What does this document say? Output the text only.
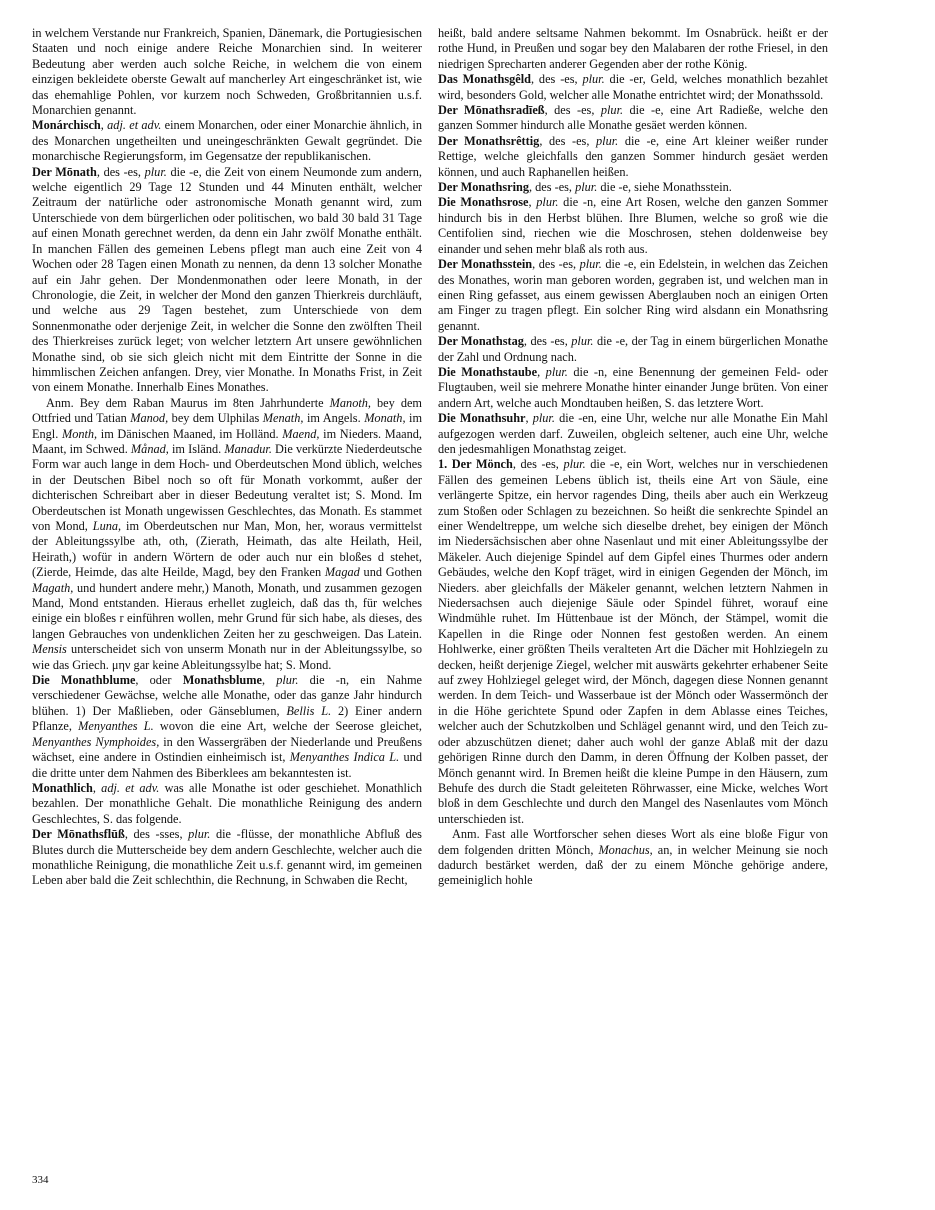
in welchem Verstande nur Frankreich, Spanien, Dänemark, die Portugiesischen Staaten und noch einige andere Reiche Monarchien sind. In weiterer Bedeutung aber werden auch solche Reiche, in welchem die von einem einzigen bekleidete oberste Gewalt auf mancherley Art eingeschränket ist, wie das ehemahlige Pohlen, vor kurzem noch Schweden, Großbritannien u.s.f. Monarchien genannt.

Monárchisch, adj. et adv. einem Monarchen, oder einer Monarchie ähnlich, in des Monarchen ungetheilten und uneingeschränkten Gewalt gegründet. Die monarchische Regierungsform, im Gegensatze der republikanischen.

Der Mōnath, des -es, plur. die -e, die Zeit von einem Neumonde zum andern, welche eigentlich 29 Tage 12 Stunden und 44 Minuten enthält, welcher Zeitraum der natürliche oder astronomische Monath genannt wird, zum Unterschiede von dem bürgerlichen oder politischen, wo bald 30 bald 31 Tage auf einen Monath gerechnet werden, da denn ein Jahr zwölf Monathe enthält. In manchen Fällen des gemeinen Lebens pflegt man auch eine Zeit von 4 Wochen oder 28 Tagen einen Monath zu nennen, da denn 13 solcher Monathe auf ein Jahr gehen. Der Mondenmonathen oder leere Monath, in der Chronologie, die Zeit, in welcher der Mond den ganzen Thierkreis durchläuft, und welche aus 29 Tagen bestehet, zum Unterschiede von dem Sonnenmonathe oder derjenige Zeit, in welcher die Sonne den zwölften Theil des Thierkreises zurück leget; von welcher letztern Art unsere gewöhnlichen Monathe sind, ob sie sich gleich nicht mit dem Eintritte der Sonne in die himmlischen Zeichen anfangen. Drey, vier Monathe. In Monaths Frist, in Zeit von einem Monathe. Innerhalb Eines Monathes.

Anm. Bey dem Raban Maurus im 8ten Jahrhunderte Manoth, bey dem Ottfried und Tatian Manod, bey dem Ulphilas Menath, im Angels. Monath, im Engl. Month, im Dänischen Maaned, im Holländ. Maend, im Nieders. Maand, Maant, im Schwed. Månad, im Isländ. Manadur. Die verkürzte Niederdeutsche Form war auch lange in dem Hoch- und Oberdeutschen Mond üblich, welches in der Deutschen Bibel noch so oft für Monath vorkommt, außer der dichterischen Schreibart aber in dieser Bedeutung veraltet ist; S. Mond. Im Oberdeutschen ist Monath ungewissen Geschlechtes, das Monath. Es stammet von Mond, Luna, im Oberdeutschen nur Man, Mon, her, woraus vermittelst der Ableitungssylbe ath, oth, (Zierath, Heimath, das alte Heilath, Heil, Heirath,) wofür in andern Wörtern de oder auch nur ein bloßes d stehet, (Zierde, Heimde, das alte Heilde, Magd, bey den Franken Magad und Gothen Magath, und hundert andere mehr,) Manoth, Monath, und zusammen gezogen Mand, Mond entstanden. Hieraus erhellet zugleich, daß das th, für welches einige ein bloßes r einführen wollen, mehr Grund für sich habe, als dieses, des langen Gebrauches von undenklichen Zeiten her zu geschweigen. Das Latein. Mensis unterscheidet sich von unserm Monath nur in der Ableitungssylbe, so wie das Griech. μην gar keine Ableitungssylbe hat; S. Mond.

Die Monathblume, oder Monathsblume, plur. die -n, ein Nahme verschiedener Gewächse, welche alle Monathe, oder das ganze Jahr hindurch blühen. 1) Der Maßlieben, oder Gänseblumen, Bellis L. 2) Einer andern Pflanze, Menyanthes L. wovon die eine Art, welche der Seerose gleichet, Menyanthes Nymphoides, in den Wassergräben der Niederlande und Preußens wächset, eine andere in Ostindien einheimisch ist, Menyanthes Indica L. und die dritte unter dem Nahmen des Biberklees am bekanntesten ist.

Monathlich, adj. et adv. was alle Monathe ist oder geschiehet. Monathlich bezahlen. Der monathliche Gehalt. Die monathliche Reinigung des andern Geschlechtes, S. das folgende.

Der Mōnathsflūß, des -sses, plur. die -flüsse, der monathliche Abfluß des Blutes durch die Mutterscheide bey dem andern Geschlechte, welcher auch die monathliche Reinigung, die monathliche Zeit u.s.f. genannt wird, im gemeinen Leben aber bald die Zeit schlechthin, die Rechnung, in Schwaben die Recht,

heißt, bald andere seltsame Nahmen bekommt. Im Osnabrück. heißt er der rothe Hund, in Preußen und sogar bey den Malabaren der rothe Friesel, in den niedrigen Sprecharten anderer Gegenden aber der rothe König.

Das Monathsgêld, des -es, plur. die -er, Geld, welches monathlich bezahlet wird, besonders Gold, welcher alle Monathe entrichtet wird; der Monathssold.

Der Mōnathsradīeß, des -es, plur. die -e, eine Art Radieße, welche den ganzen Sommer hindurch alle Monathe gesäet werden können.

Der Monathsrêttig, des -es, plur. die -e, eine Art kleiner weißer runder Rettige, welche gleichfalls den ganzen Sommer hindurch gesäet werden können, und auch Raphanellen heißen.

Der Monathsring, des -es, plur. die -e, siehe Monathsstein.

Die Monathsrose, plur. die -n, eine Art Rosen, welche den ganzen Sommer hindurch bis in den Herbst blühen. Ihre Blumen, welche so groß wie die Centifolien sind, riechen wie die Moschrosen, stehen doldenweise bey einander und sehen mehr blaß als roth aus.

Der Monathsstein, des -es, plur. die -e, ein Edelstein, in welchen das Zeichen des Monathes, worin man geboren worden, gegraben ist, und welchen man in einen Ring gefasset, aus einem gewissen Aberglauben noch an einigen Orten am Finger zu tragen pflegt. Ein solcher Ring wird alsdann ein Monathsring genannt.

Der Monathstag, des -es, plur. die -e, der Tag in einem bürgerlichen Monathe der Zahl und Ordnung nach.

Die Monathstaube, plur. die -n, eine Benennung der gemeinen Feld- oder Flugtauben, weil sie mehrere Monathe hinter einander Junge brüten. Von einer andern Art, welche auch Mondtauben heißen, S. das letztere Wort.

Die Monathsuhr, plur. die -en, eine Uhr, welche nur alle Monathe Ein Mahl aufgezogen werden darf. Zuweilen, obgleich seltener, auch eine Uhr, welche den jedesmahligen Monathstag zeiget.

1. Der Mönch, des -es, plur. die -e, ein Wort, welches nur in verschiedenen Fällen des gemeinen Lebens üblich ist, theils eine Art von Säule, eine verlängerte Spitze, ein hervor ragendes Ding, theils aber auch ein Werkzeug zum Stoßen oder Schlagen zu bezeichnen. So heißt die senkrechte Spindel an einer Wendeltreppe, um welche sich dieselbe drehet, bey einigen der Mönch im Niedersächsischen aber ohne Nasenlaut und mit einer Ableitungssylbe der Mäkeler. Auch diejenige Spindel auf dem Gipfel eines Thurmes oder andern Gebäudes, welche den Kopf träget, wird in einigen Gegenden der Mönch, im Nieders. aber gleichfalls der Mäkeler genannt, welchen letztern Nahmen in Niedersachsen auch diejenige Säule oder Spindel führet, worauf eine Windmühle ruhet. Im Hüttenbaue ist der Mönch, der Stämpel, womit die Kapellen in die Ringe oder Nonnen fest gestoßen werden. An einem Hohlwerke, einer größten Theils veralteten Art die Dächer mit Hohlziegeln zu decken, heißt derjenige Ziegel, welcher mit auswärts gekehrter erhabener Seite auf zwey Hohlziegel geleget wird, der Mönch, dagegen diese Nonnen genannt werden. In dem Teich- und Wasserbaue ist der Mönch oder Wassermönch der in die Höhe gerichtete Spund oder Zapfen in dem Ablasse eines Teiches, welcher auch der Schutzkolben und Schlägel genannt wird, und den Teich zu- oder abzuschützen dienet; daher auch wohl der ganze Ablaß mit der dazu gehörigen Rinne durch den Damm, in deren Öffnung der Kolben passet, der Mönch genannt wird. In Bremen heißt die kleine Pumpe in den Häusern, zum Behufe des durch die Stadt geleiteten Röhrwasser, eine Micke, welches Wort bloß in dem Geschlechte und durch den Mangel des Nasenlautes vom Mönch unterschieden ist.

Anm. Fast alle Wortforscher sehen dieses Wort als eine bloße Figur von dem folgenden dritten Mönch, Monachus, an, in welcher Meinung sie noch dadurch bestärket werden, daß der zu einem Mönche gehörige andere, gemeiniglich hohle

334
